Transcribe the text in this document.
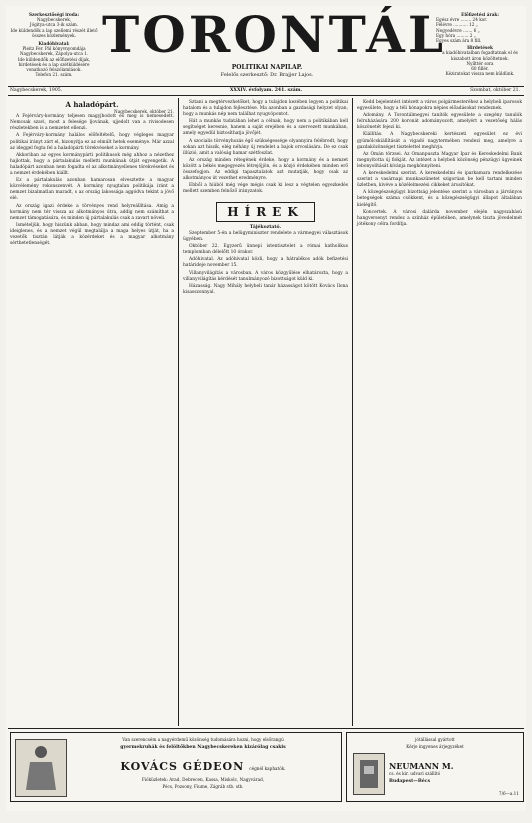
Szerkesztőségi iroda:
Nagybecskerek,
Jógitya-utca 3-ik szám.
Ide küldendők a lap szellemi részét illető összes közlemények.
Kiadóhivatal:
Pleitz Fer. Pál könyvnyomdája Nagybecskerek, Zápolya-utca 1.
Ide küldendők az előfizetési díjak, hirdetések és a lap szétküldésére vonatkozó felszólamlások.
Telefon 21. szám.
TORONTÁL
POLITIKAI NAPILAP.
Felelős szerkesztő: Dr. Brajjer Lajos.
Előfizetési árak:
Egész évre ........ 24 kor.
Félévre ........... 12 „
Negyedévre ....... 6 „
Egy hóra ......... 2 „
Egyes szám ára 8 fill.
Hirdetések
a kiadóhivatalban fogadtatnak el és kiszabott áron közöltetnek.
Nyílttér sora
60 fillér.
Kéziratokat vissza nem küldünk.
Nagybecskerek, 1905.	XXXIV. évfolyam. 241. szám.	Szombat, október 21.
A haladópárt.
Nagybecskerek, október 21.

A Fejérváry-kormány teljesen magyjhodott es meg is nemesedett. Nemcsak szavi, most a felesége ljovának, ujjedolt van a rivisodesen részletekben is a nemzetet ellenzi.

A Fejérváry-kormány halálos előfeltételű, hogy végleges magyar politikai irányt zárt el, bizonyítja ez az elmúlt hetek eseménye. Már azzal az ideggel fogta fel a haladópárti törekvéseket a kormány.

Akkoriban az egyes kormánypárti politikusok még ahhoz a nézethez hajlottak, hogy a pártalakulás melletti munkának útját egyengetik. A haladópárt azonban nem fogadta el az alkotmányellenes törekvéseket és a nemzet érdekében kiállt.

Ez a pártalakulás azonban hamarosan elvesztette a magyar közvélemény rokonszenvét. A kormány nyugtalan politikája iránt a nemzet bizalmatlan maradt, s az ország lakossága aggódva tekint a jövő elé.

Az ország igazi érdeke a törvényes rend helyreállítása. Amíg a kormány nem tér vissza az alkotmányos útra, addig nem számíthat a nemzet támogatására, és minden új pártalakulás csak a zavart növeli.

Ismételjük, hogy hiszünk abban, hogy mindaz ami eddig történt, csak ideiglenes, és a nemzet végül megtalálja a maga helyes útját, ha a vezetők tisztán látják a közérdeket és a magyar alkotmány sérthetetlenségét.

Sztani a megtérvezhetőket, hogy a tulajdon kezében legyen a politikai hatalom és a tulajdon fejlesztése. Ma azonban a gazdasági helyzet olyan, hogy a munkás nép nem találhat nyugvópontot.

Hát a munkás tudatában lehet a célnak, hogy nem a politikában kell segítséget keresnie, hanem a saját erejében és a szervezett munkában, amely egyedül biztosíthatja jövőjét.

A szocialis törvényhozás égő szükségessége olyannyira felébredt, hogy sokan azt hiszik, elég néhány új rendelet a bajok orvoslására. De ez csak illúzió, amit a valóság hamar szétfoszlat.

Az ország minden rétegének érdeke, hogy a kormány és a nemzet között a békés megegyezés létrejöjjön, és a közjó érdekében minden erő összefogjon. Az eddigi tapasztalatok azt mutatják, hogy csak az alkotmányos út vezethet eredményre.

Ebből a hiúból még vége mégis csak ki lesz a végtelen egyezkedés mellett szemben felnőző irányzatok.

HÍREK
Tájékoztató.

Szeptember 5-én a belügyminiszter rendelete a vármegyei választások ügyében.

Október 22. Egyzerű ünnepi istentisztelet a római katholikus templomban délelőtt 10 órakor.

Adóhivatal. Az adóhivatal közli, hogy a hátralékos adók befizetési határideje november 15.

Villanyvilágítás a városban. A város közgyűlése elhatározta, hogy a villanyvilágítás kérdését tanulmányozó bizottságot küld ki.

Házasság. Nagy Mihály helybeli tanár házasságot kötött Kovács Ilona kisasszonnyal.

Kedd bejelentést intézett a város polgármesteréhez a helybeli iparosok egyesülete, hogy a téli hónapokra népies előadásokat rendeznek.

Adomány. A Torontálmegyei tanítók egyesülete a szegény tanulók felruházására 200 koronát adományozott, amelyért a vezetőség hálás köszönetét fejezi ki.

Kiállítás. A Nagybecskereki kertészeti egyesület ez évi gyümölcskiállítását a vigadó nagytermében rendezi meg, amelyre a gazdaközönséget tisztelettel meghívja.

Az Omán törzsei. Az Omanpuszta Magyar Ipar és Kereskedelmi Bank megnyitotta új fiókját. Az intézet a helybeli közönség pénzügyi ügyeinek lebonyolítását kívánja megkönnyíteni.

A kereskedelmi szerint. A kereskedelmi és iparkamara rendelkezése szerint a vasárnapi munkaszünetet szigorúan be kell tartani minden üzletben, kivéve a közélelmezési cikkeket árusítókat.

A közegészségügyi bizottság jelentése szerint a városban a járványos betegségek száma csökkent, és a közegészségügyi állapot általában kielégítő.

Koncertek. A városi dalárda november elején nagyszabású hangversenyt rendez a színház épületében, amelynek tiszta jövedelmét jótékony célra fordítja.

Van szerencsém a nagyérdemű közönség tudomására hozni, hogy elsőrangú
gyermekruhák és felöltőkben Nagybecskereken kizárólag csakis
KOVÁCS GÉDEON cégnél kaphatók.
Fióküzletek: Arad, Debrecen, Kassa, Miskolc, Nagyvárad,
Pécs, Pozsony, Fiume, Zágráb stb. stb.
jótállással gyártott
Kérje ingyenes árjegyzéket
NEUMANN M.
cs. és kir. udvari szállító
Budapest—Bécs
7/6—a.11
